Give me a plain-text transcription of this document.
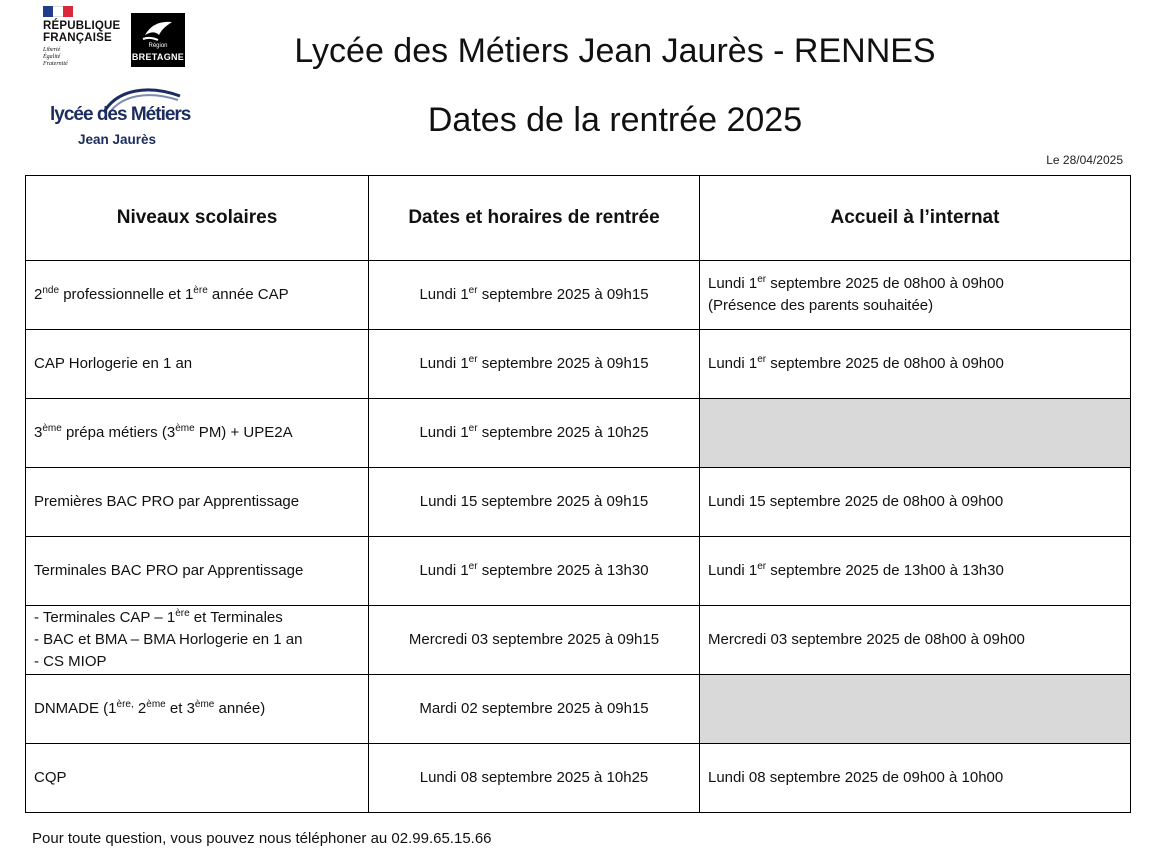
RÉPUBLIQUE
FRANÇAISE
Liberté
Égalité
Fraternité
Région
BRETAGNE
lycée des Métiers
Jean Jaurès
Lycée des Métiers Jean Jaurès - RENNES
Dates de la rentrée 2025
Le 28/04/2025
Niveaux scolaires	Dates et horaires de rentrée	Accueil à l’internat
2nde professionnelle et 1ère année CAP	Lundi 1er septembre 2025 à 09h15	Lundi 1er septembre 2025 de 08h00 à 09h00
(Présence des parents souhaitée)
CAP Horlogerie en 1 an	Lundi 1er septembre 2025 à 09h15	Lundi 1er septembre 2025 de 08h00 à 09h00
3ème prépa métiers (3ème PM) + UPE2A	Lundi 1er septembre 2025 à 10h25	
Premières BAC PRO par Apprentissage	Lundi 15 septembre 2025 à 09h15	Lundi 15 septembre 2025 de 08h00 à 09h00
Terminales BAC PRO par Apprentissage	Lundi 1er septembre 2025 à 13h30	Lundi 1er septembre 2025 de 13h00 à 13h30

- Terminales CAP – 1ère et Terminales
- BAC et BMA – BMA Horlogerie en 1 an
- CS MIOP	Mercredi 03 septembre 2025 à 09h15	Mercredi 03 septembre 2025 de 08h00 à 09h00
DNMADE ($1^{ère,}$ 2ème et 3ème année)	Mardi 02 septembre 2025 à 09h15	
CQP	Lundi 08 septembre 2025 à 10h25	Lundi 08 septembre 2025 de 09h00 à 10h00
Pour toute question, vous pouvez nous téléphoner au 02.99.65.15.66
